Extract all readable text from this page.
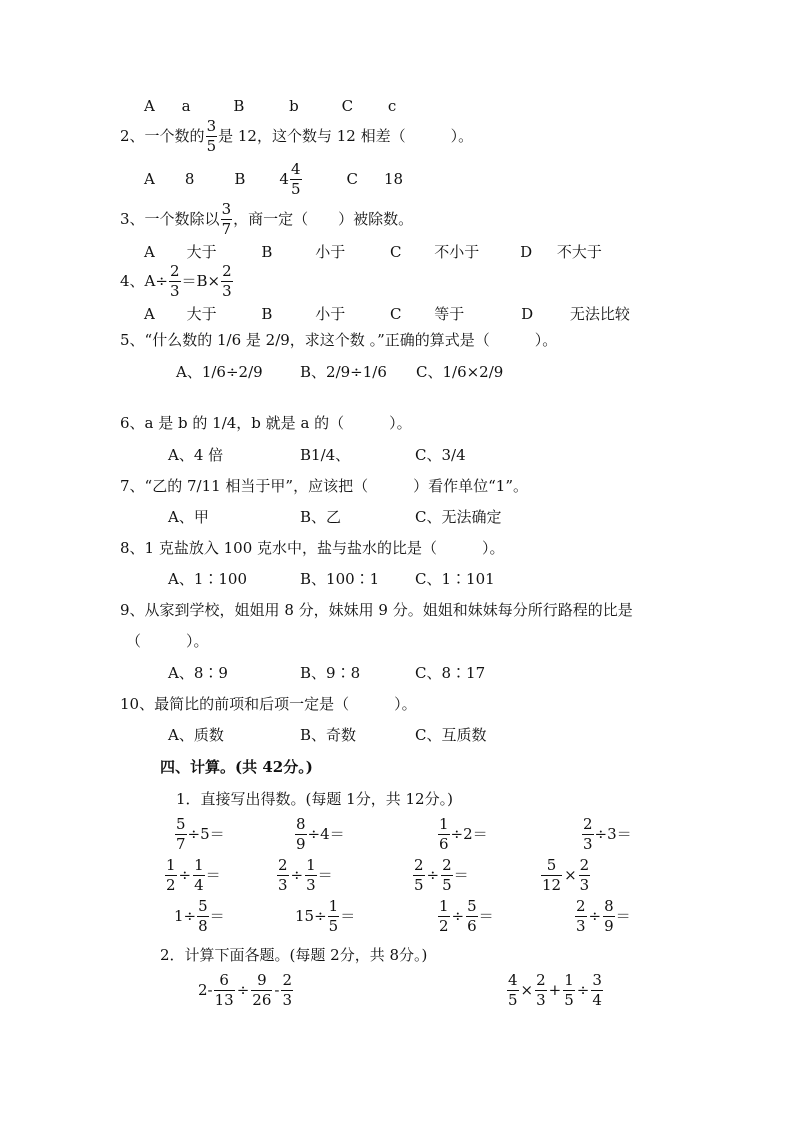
A a	B	b	C c
2、 一个数的 $\frac{3}{5}$ 是 12，这个数与 12 相差（　　　）。
A 8	B $4 \frac{4}{5}$	C 18
3、 一个数除以 $\frac{3}{7}$ ，商一定（　　）被除数。
A 大于	B	小于	C 不小于	D 不大于
4、 $A\div \frac{2}{3} =B\times \frac{2}{3}$
A 大于	B	小于	C 等于	D 无法比较
5、“什么数的 1/6 是 2/9，求这个数 。”正确的算式是（　　　）。
A、1/6÷2/9 B、2/9÷1/6 C、1/6×2/9
6、a 是 b 的 1/4，b 就是 a 的（　　　）。
A、4 倍	B1/4、	C、3/4
7、“乙的 7/11 相当于甲”，应该把（　　　）看作单位“1”。
A、甲	B、乙	C、无法确定
8、1 克盐放入 100 克水中，盐与盐水的比是（　　　）。
A、1∶100	B、100∶1 C、1∶101
9、从家到学校，姐姐用 8 分，妹妹用 9 分。姐姐和妹妹每分所行路程的比是
（　　　）。
A、8∶9	B、9∶8	C、8∶17
10、最简比的前项和后项一定是（　　　）。
A、质数	B、奇数	C、互质数
四、计算。(共 42分。)
1．直接写出得数。(每题 1分，共 12分。)
$\frac{5}{7} \div 5=$	$\frac{8}{9} \div 4=$	$\frac{1}{6} \div 2=$	$\frac{2}{3} \div 3=$
$\frac{1}{2} \div \frac{1}{4}$ ＝	$\frac{2}{3} \div \frac{1}{3}$ ＝	$\frac{2}{5} \div \frac{2}{5}$ ＝	$\frac{5}{12} \times \frac{2}{3}$
$1\div \frac{5}{8}$ ＝	$15\div \frac{1}{5}$ ＝	$\frac{1}{2} \div \frac{5}{6}$ ＝	$\frac{2}{3} \div \frac{8}{9}$ ＝
2．计算下面各题。(每题 2分，共 8分。)
$2- \frac{6}{13} \div \frac{9}{26} - \frac{2}{3}$	$\frac{4}{5} \times \frac{2}{3} + \frac{1}{5} \div \frac{3}{4}$
